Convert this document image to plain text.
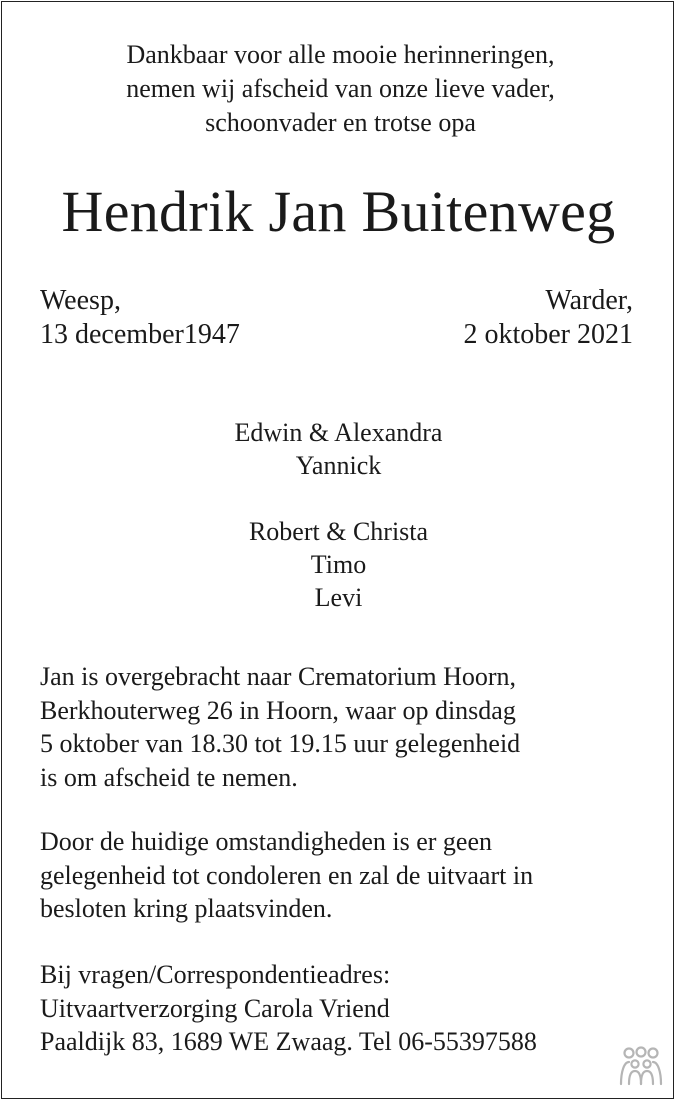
Dankbaar voor alle mooie herinneringen,
nemen wij afscheid van onze lieve vader,
schoonvader en trotse opa
Hendrik Jan Buitenweg
Weesp,
13 december1947
Warder,
2 oktober 2021
Edwin & Alexandra
Yannick
Robert & Christa
Timo
Levi
Jan is overgebracht naar Crematorium Hoorn,
Berkhouterweg 26 in Hoorn, waar op dinsdag
5 oktober van 18.30 tot 19.15 uur gelegenheid
is om afscheid te nemen.
Door de huidige omstandigheden is er geen
gelegenheid tot condoleren en zal de uitvaart in
besloten kring plaatsvinden.
Bij vragen/Correspondentieadres:
Uitvaartverzorging Carola Vriend
Paaldijk 83, 1689 WE Zwaag. Tel 06-55397588
